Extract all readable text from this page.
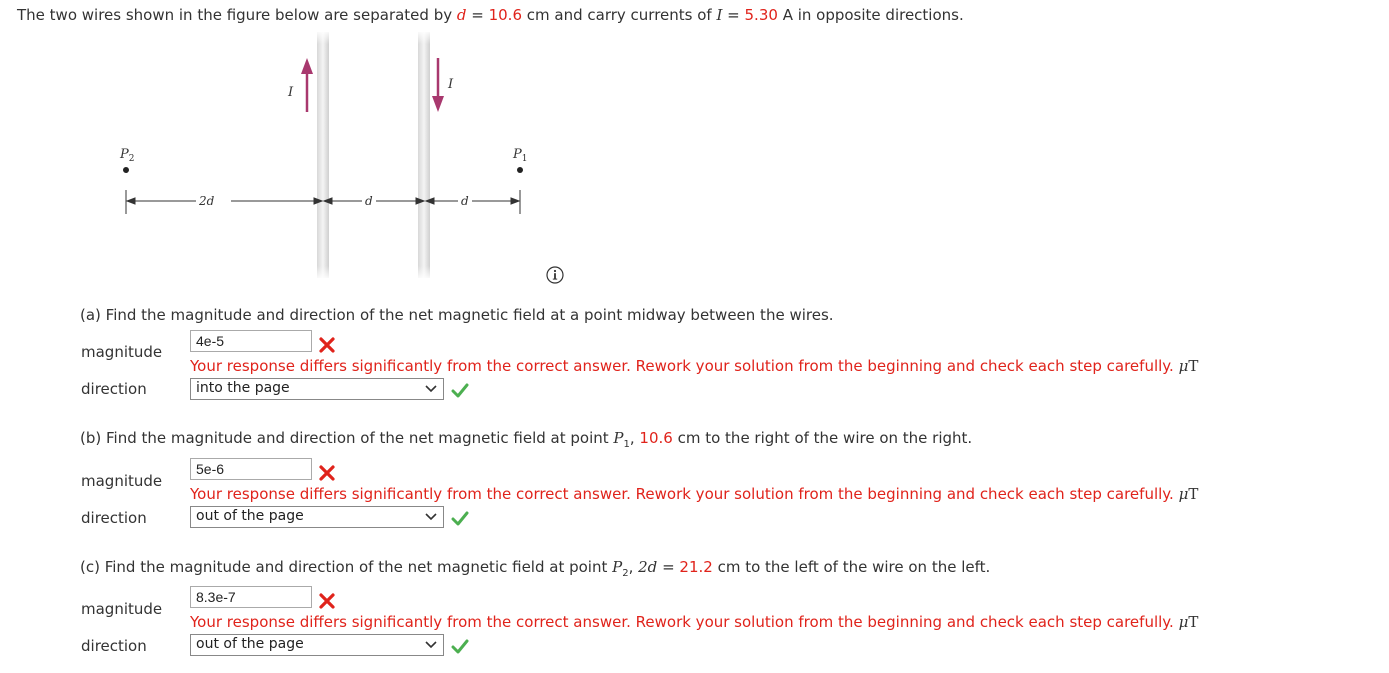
The two wires shown in the figure below are separated by d = 10.6 cm and carry currents of I = 5.30 A in opposite directions.
I
I
$P_2$	$P_1$
2d	d	d
(a) Find the magnitude and direction of the net magnetic field at a point midway between the wires.
magnitude
4e-5
Your response differs significantly from the correct answer. Rework your solution from the beginning and check each step carefully. μT
direction	into the page
(b) Find the magnitude and direction of the net magnetic field at point $P_1$, 10.6 cm to the right of the wire on the right.
magnitude
5e-6
Your response differs significantly from the correct answer. Rework your solution from the beginning and check each step carefully. μT
direction	out of the page
(c) Find the magnitude and direction of the net magnetic field at point $P_2$, 2d = 21.2 cm to the left of the wire on the left.
magnitude
8.3e-7
Your response differs significantly from the correct answer. Rework your solution from the beginning and check each step carefully. μT
direction	out of the page
